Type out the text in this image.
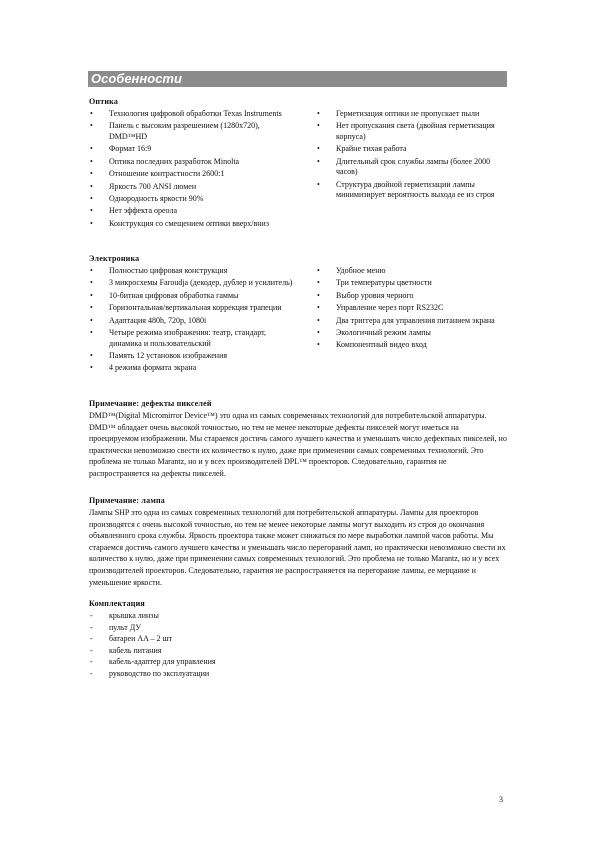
Особенности
Оптика
• Технология цифровой обработки Texas Instruments
• Панель с высоким разрешением (1280x720), DMD™HD
• Формат 16:9
• Оптика последних разработок Minolta
• Отношение контрастности 2600:1
• Яркость 700 ANSI люмен
• Однородность яркости 90%
• Нет эффекта ореола
• Конструкция со смещением оптики вверх/вниз
• Герметизация оптики не пропускает пыли
• Нет пропускания света (двойная герметизация корпуса)
• Крайне тихая работа
• Длительный срок службы лампы (более 2000 часов)
• Структура двойной герметизации лампы минимизирует вероятность выхода ее из строя
Электроника
• Полностью цифровая конструкция
• 3 микросхемы Faroudja (декодер, дублер и усилитель)
• 10-битная цифровая обработка гаммы
• Горизонтальная/вертикальная коррекция трапеции
• Адаптация 480h, 720p, 1080i
• Четыре режима изображения: театр, стандарт, динамика и пользовательский
• Память 12 установок изображения
• 4 режима формата экрана
• Удобное меню
• Три температуры цветности
• Выбор уровня черного
• Управление через порт RS232C
• Два триггера для управления питанием экрана
• Экологичный режим лампы
• Компонентный видео вход
Примечание: дефекты пикселей

DMD™(Digital Micromirror Device™) это одна из самых современных технологий для потребительской аппаратуры. DMD™ обладает очень высокой точностью, но тем не менее некоторые дефекты пикселей могут иметься на проецируемом изображении. Мы стараемся достичь самого лучшего качества и уменьшать число дефектных пикселей, но практически невозможно свести их количество к нулю, даже при применении самых современных технологий. Это проблема не только Marantz, но и у всех производителей DPL™ проекторов. Следовательно, гарантия не распространяется на дефекты пикселей.

Примечание: лампа

Лампы SHP это одна из самых современных технологий для потребительской аппаратуры. Лампы для проекторов производятся с очень высокой точностью, но тем не менее некоторые лампы могут выходить из строя до окончания объявленного срока службы. Яркость проектора также может снижаться по мере выработки лампой часов работы. Мы стараемся достичь самого лучшего качества и уменьшать число перегораний ламп, но практически невозможно свести их количество к нулю, даже при применении самых современных технологий. Это проблема не только Marantz, но и у всех производителей проекторов. Следовательно, гарантия не распространяется на перегорание лампы, ее мерцание и уменьшение яркости.

Комплектация
- крышка линзы
- пульт ДУ
- батареи AA – 2 шт
- кабель питания
- кабель-адаптер для управления
- руководство по эксплуатации
3
